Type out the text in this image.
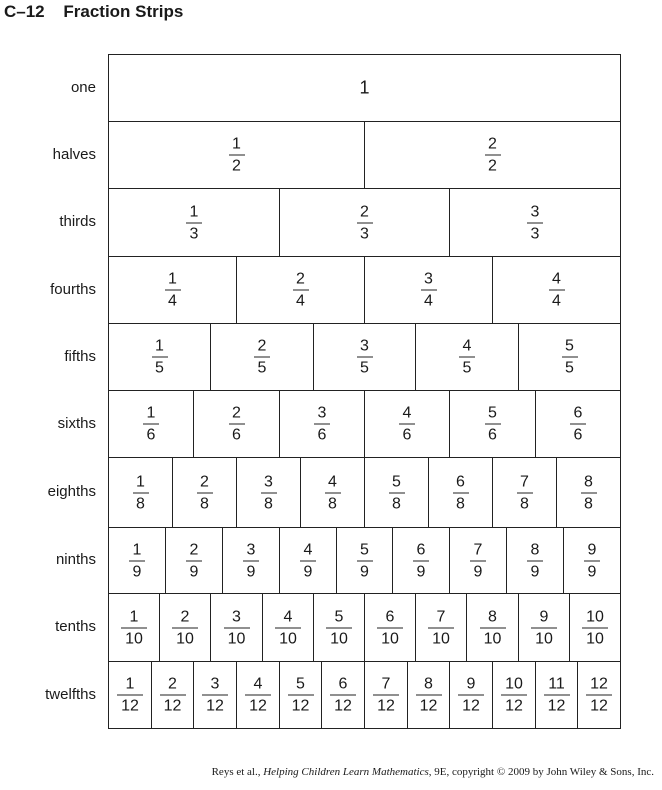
C–12 Fraction Strips
one	1
halves
1
2
2
2
thirds
1
3
2
3
3
3
fourths
1
4
2
4
3
4
4
4
fifths
1
5
2
5
3
5
4
5
5
5
sixths
1
6
2
6
3
6
4
6
5
6
6
6
eighths
1
8
2
8
3
8
4
8
5
8
6
8
7
8
8
8
ninths
1
9
2
9
3
9
4
9
5
9
6
9
7
9
8
9
9
9
tenths
1
10
2
10
3
10
4
10
5
10
6
10
7
10
8
10
9
10
10
10
twelfths
1
12
2
12
3
12
4
12
5
12
6
12
7
12
8
12
9
12
10
12
11
12
12
12
Reys et al., Helping Children Learn Mathematics, 9E, copyright © 2009 by John Wiley & Sons, Inc.
